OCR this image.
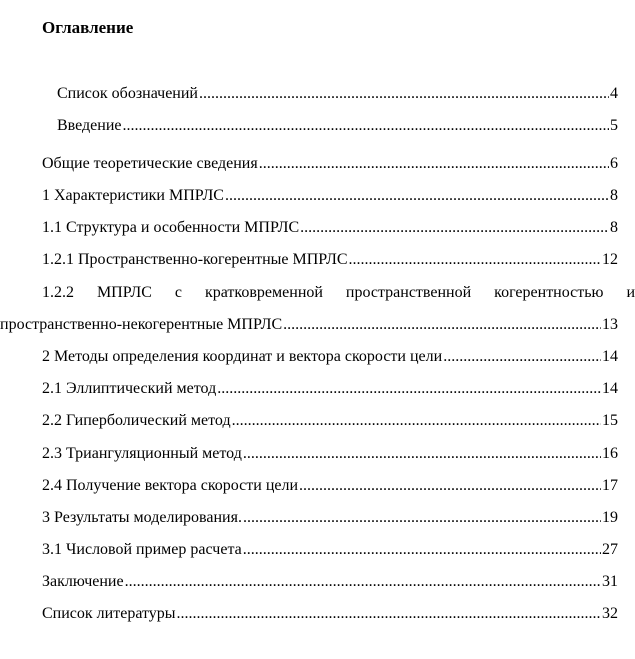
Оглавление
Список обозначений .....	4
Введение .....	5
Общие теоретические сведения .....	6
1 Характеристики МПРЛС .....	8
1.1 Структура и особенности МПРЛС .....	8
1.2.1 Пространственно-когерентные МПРЛС .....	12
1.2.2 МПРЛС с кратковременной пространственной когерентностью и
пространственно-некогерентные МПРЛС .....	13
2 Методы определения координат и вектора скорости цели .....	14
2.1 Эллиптический метод .....	14
2.2 Гиперболический метод .....	15
2.3 Триангуляционный метод .....	16
2.4 Получение вектора скорости цели .....	17
3 Результаты моделирования. .....	19
3.1 Числовой пример расчета .....	27
Заключение .....	31
Список литературы .....	32
